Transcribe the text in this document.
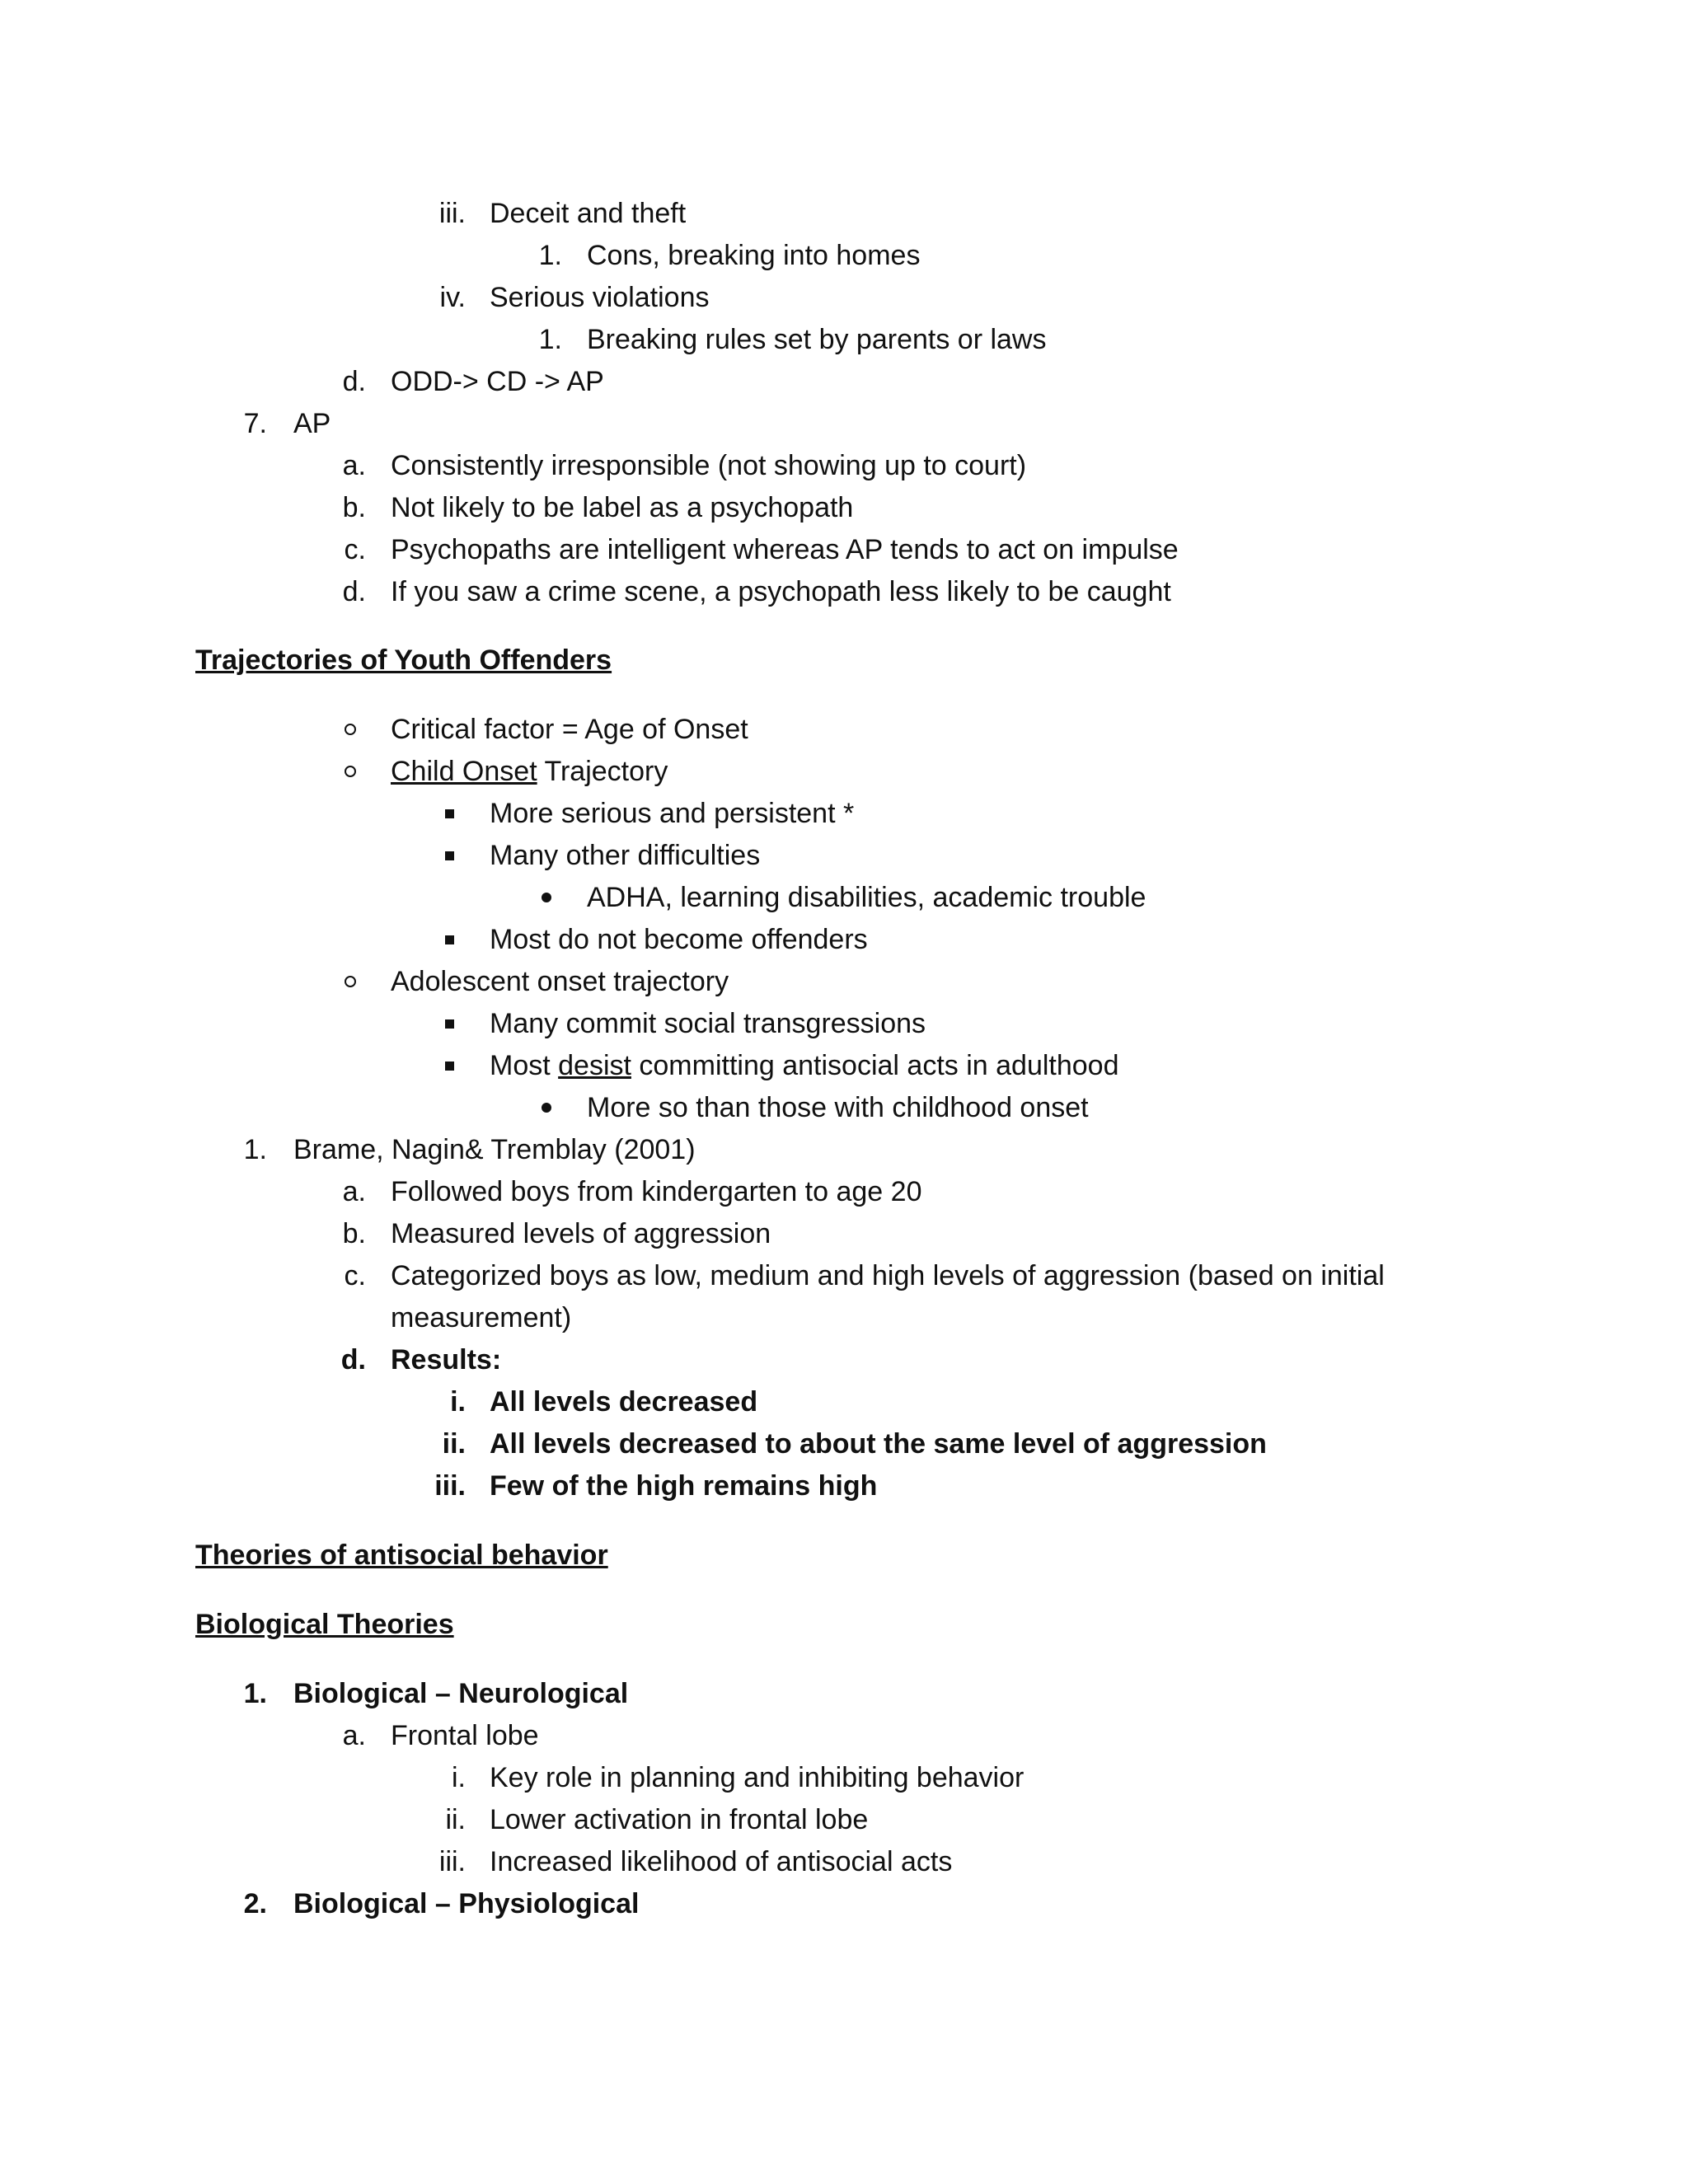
iii. Deceit and theft
1. Cons, breaking into homes
iv. Serious violations
1. Breaking rules set by parents or laws
d. ODD-> CD -> AP
7. AP
a. Consistently irresponsible (not showing up to court)
b. Not likely to be label as a psychopath
c. Psychopaths are intelligent whereas AP tends to act on impulse
d. If you saw a crime scene, a psychopath less likely to be caught
Trajectories of Youth Offenders
Critical factor = Age of Onset
Child Onset Trajectory
More serious and persistent *
Many other difficulties
ADHA, learning disabilities, academic trouble
Most do not become offenders
Adolescent onset trajectory
Many commit social transgressions
Most desist committing antisocial acts in adulthood
More so than those with childhood onset
1. Brame, Nagin& Tremblay (2001)
a. Followed boys from kindergarten to age 20
b. Measured levels of aggression
c. Categorized boys as low, medium and high levels of aggression (based on initial
measurement)
d. Results:
i. All levels decreased
ii. All levels decreased to about the same level of aggression
iii. Few of the high remains high
Theories of antisocial behavior
Biological Theories
1. Biological – Neurological
a. Frontal lobe
i. Key role in planning and inhibiting behavior
ii. Lower activation in frontal lobe
iii. Increased likelihood of antisocial acts
2. Biological – Physiological
